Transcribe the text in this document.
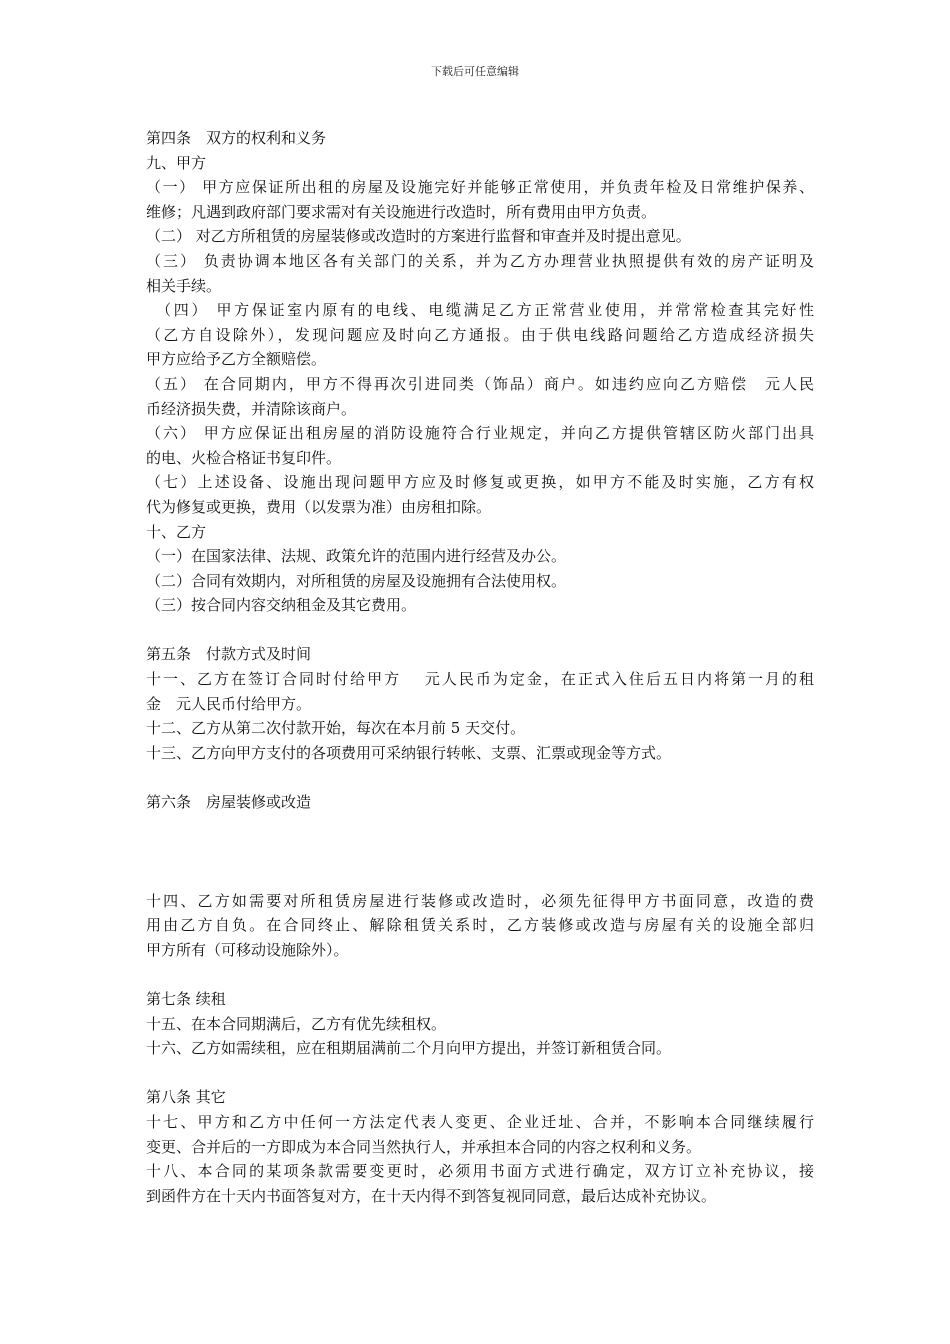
下载后可任意编辑
第四条　双方的权利和义务
九、甲方
（一） 甲方应保证所出租的房屋及设施完好并能够正常使用，并负责年检及日常维护保养、
维修；凡遇到政府部门要求需对有关设施进行改造时，所有费用由甲方负责。
（二） 对乙方所租赁的房屋装修或改造时的方案进行监督和审查并及时提出意见。
（三） 负责协调本地区各有关部门的关系，并为乙方办理营业执照提供有效的房产证明及
相关手续。
　（四） 甲方保证室内原有的电线、电缆满足乙方正常营业使用，并常常检查其完好性
（乙方自设除外），发现问题应及时向乙方通报。由于供电线路问题给乙方造成经济损失
甲方应给予乙方全额赔偿。
（五） 在合同期内，甲方不得再次引进同类（饰品）商户。如违约应向乙方赔偿　元人民
币经济损失费，并清除该商户。
（六） 甲方应保证出租房屋的消防设施符合行业规定，并向乙方提供管辖区防火部门出具
的电、火检合格证书复印件。
（七）上述设备、设施出现问题甲方应及时修复或更换，如甲方不能及时实施，乙方有权
代为修复或更换，费用（以发票为准）由房租扣除。
十、乙方
（一）在国家法律、法规、政策允许的范围内进行经营及办公。
（二）合同有效期内，对所租赁的房屋及设施拥有合法使用权。
（三）按合同内容交纳租金及其它费用。
第五条　付款方式及时间
十一、乙方在签订合同时付给甲方　 元人民币为定金，在正式入住后五日内将第一月的租
金　元人民币付给甲方。
十二、乙方从第二次付款开始，每次在本月前 5 天交付。
十三、乙方向甲方支付的各项费用可采纳银行转帐、支票、汇票或现金等方式。
第六条　房屋装修或改造
十四、乙方如需要对所租赁房屋进行装修或改造时，必须先征得甲方书面同意，改造的费
用由乙方自负。在合同终止、解除租赁关系时，乙方装修或改造与房屋有关的设施全部归
甲方所有（可移动设施除外）。
第七条 续租
十五、在本合同期满后，乙方有优先续租权。
十六、乙方如需续租，应在租期届满前二个月向甲方提出，并签订新租赁合同。
第八条 其它
十七、甲方和乙方中任何一方法定代表人变更、企业迁址、合并，不影响本合同继续履行
变更、合并后的一方即成为本合同当然执行人，并承担本合同的内容之权利和义务。
十八、本合同的某项条款需要变更时，必须用书面方式进行确定，双方订立补充协议，接
到函件方在十天内书面答复对方，在十天内得不到答复视同同意，最后达成补充协议。
